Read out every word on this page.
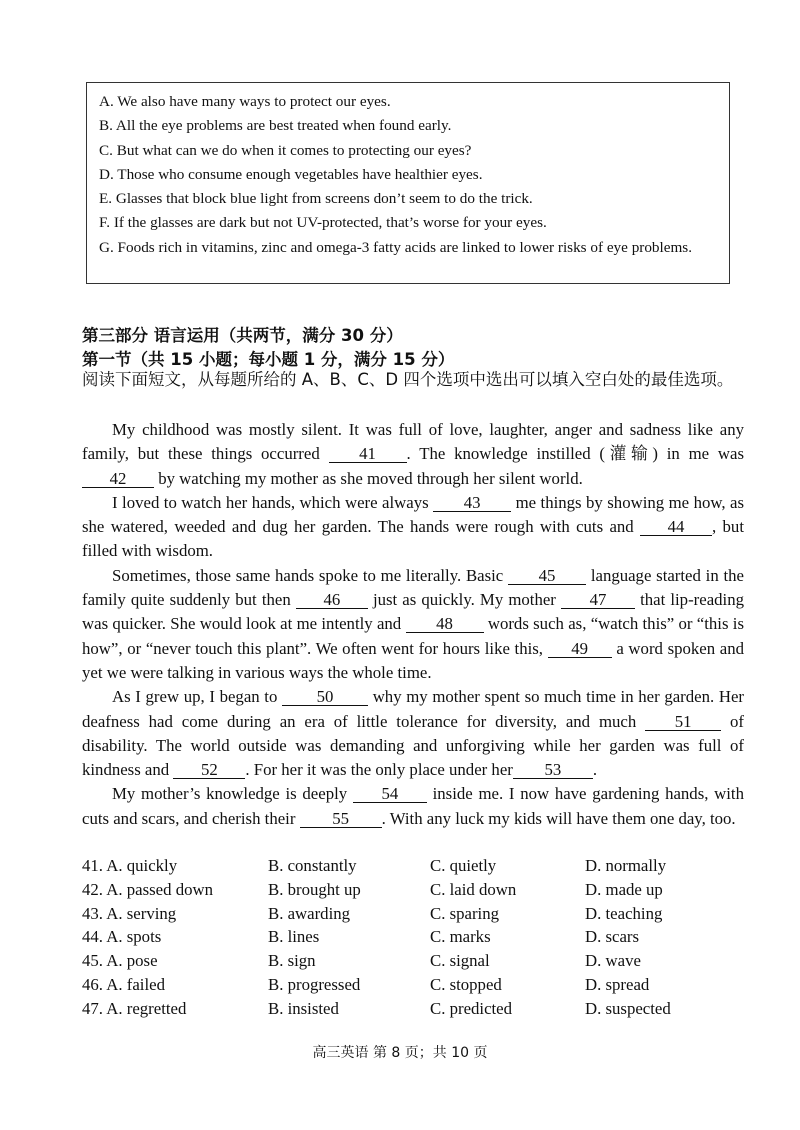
A. We also have many ways to protect our eyes.
B. All the eye problems are best treated when found early.
C. But what can we do when it comes to protecting our eyes?
D. Those who consume enough vegetables have healthier eyes.
E. Glasses that block blue light from screens don’t seem to do the trick.
F. If the glasses are dark but not UV-protected, that’s worse for your eyes.
G. Foods rich in vitamins, zinc and omega-3 fatty acids are linked to lower risks of eye problems.
第三部分 语言运用（共两节，满分 30 分）
第一节（共 15 小题；每小题 1 分，满分 15 分）
阅读下面短文，从每题所给的 A、B、C、D 四个选项中选出可以填入空白处的最佳选项。

My childhood was mostly silent. It was full of love, laughter, anger and sadness like any family, but these things occurred 41 . The knowledge instilled (灌输) in me was 42 by watching my mother as she moved through her silent world.

I loved to watch her hands, which were always 43 me things by showing me how, as she watered, weeded and dug her garden. The hands were rough with cuts and 44 , but filled with wisdom.

Sometimes, those same hands spoke to me literally. Basic 45 language started in the family quite suddenly but then 46 just as quickly. My mother 47 that lip-reading was quicker. She would look at me intently and 48 words such as, “watch this” or “this is how”, or “never touch this plant”. We often went for hours like this, 49 a word spoken and yet we were talking in various ways the whole time.

As I grew up, I began to 50 why my mother spent so much time in her garden. Her deafness had come during an era of little tolerance for diversity, and much 51 of disability. The world outside was demanding and unforgiving while her garden was full of kindness and 52 . For her it was the only place under her 53 .

My mother’s knowledge is deeply 54 inside me. I now have gardening hands, with cuts and scars, and cherish their 55 . With any luck my kids will have them one day, too.

41. A. quickly	B. constantly	C. quietly	D. normally
42. A. passed down	B. brought up	C. laid down	D. made up
43. A. serving	B. awarding	C. sparing	D. teaching
44. A. spots	B. lines	C. marks	D. scars
45. A. pose	B. sign	C. signal	D. wave
46. A. failed	B. progressed	C. stopped	D. spread
47. A. regretted	B. insisted	C. predicted	D. suspected
高三英语 第 8 页；共 10 页
